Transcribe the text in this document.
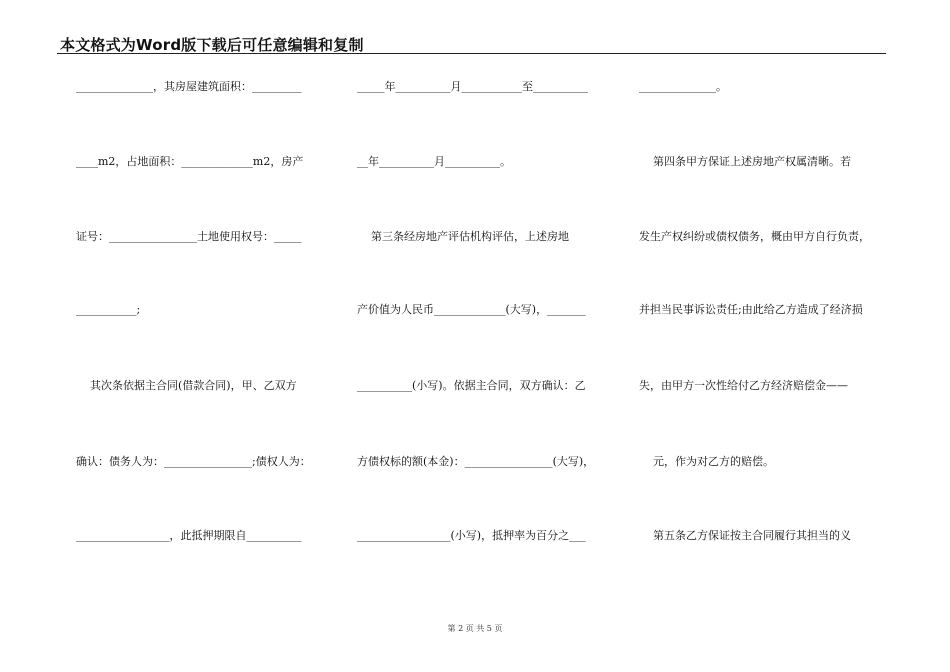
本文格式为Word版下载后可任意编辑和复制
______________，其房屋建筑面积：_________
____m2，占地面积：_____________m2，房产
证号：________________土地使用权号：_____
___________;
其次条依据主合同(借款合同)，甲、乙双方
确认：债务人为：________________;债权人为：
_________________，此抵押期限自__________
_____年__________月___________至__________
__年__________月__________。
第三条经房地产评估机构评估，上述房地
产价值为人民币_____________(大写)，_______
__________(小写)。依据主合同，双方确认：乙
方债权标的额(本金)：________________(大写)，
_________________(小写)，抵押率为百分之___
______________。
第四条甲方保证上述房地产权属清晰。若
发生产权纠纷或债权债务，概由甲方自行负责，
并担当民事诉讼责任;由此给乙方造成了经济损
失，由甲方一次性给付乙方经济赔偿金——
元，作为对乙方的赔偿。
第五条乙方保证按主合同履行其担当的义
第 2 页 共 5 页
